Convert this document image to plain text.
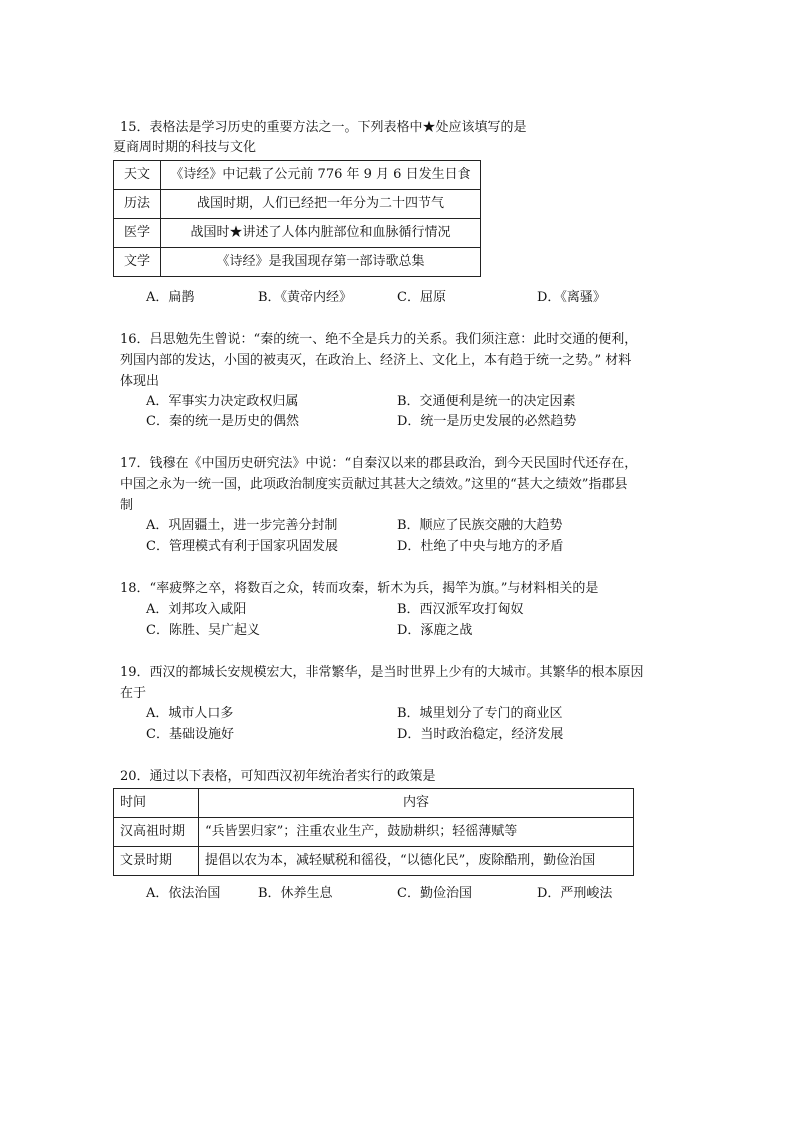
15．表格法是学习历史的重要方法之一。下列表格中★处应该填写的是
夏商周时期的科技与文化
天文	《诗经》中记载了公元前 776 年 9 月 6 日发生日食
历法	战国时期，人们已经把一年分为二十四节气
医学	战国时★讲述了人体内脏部位和血脉循行情况
文学	《诗经》是我国现存第一部诗歌总集
A．扁鹊	B．《黄帝内经》	C．屈原	D．《离骚》
16．吕思勉先生曾说：“秦的统一、绝不全是兵力的关系。我们须注意：此时交通的便利，
列国内部的发达，小国的被夷灭，在政治上、经济上、文化上，本有趋于统一之势。” 材料
体现出
A．军事实力决定政权归属	B．交通便利是统一的决定因素
C．秦的统一是历史的偶然	D．统一是历史发展的必然趋势
17．钱穆在《中国历史研究法》中说：“自秦汉以来的郡县政治，到今天民国时代还存在，
中国之永为一统一国，此项政治制度实贡献过其甚大之绩效。”这里的“甚大之绩效”指郡县
制
A．巩固疆土，进一步完善分封制	B．顺应了民族交融的大趋势
C．管理模式有利于国家巩固发展	D．杜绝了中央与地方的矛盾
18．“率疲弊之卒，将数百之众，转而攻秦，斩木为兵，揭竿为旗。”与材料相关的是
A．刘邦攻入咸阳	B．西汉派军攻打匈奴
C．陈胜、吴广起义	D．涿鹿之战
19．西汉的都城长安规模宏大，非常繁华，是当时世界上少有的大城市。其繁华的根本原因
在于
A．城市人口多	B．城里划分了专门的商业区
C．基础设施好	D．当时政治稳定，经济发展
20．通过以下表格，可知西汉初年统治者实行的政策是
时间	内容
汉高祖时期	“兵皆罢归家”；注重农业生产，鼓励耕织；轻徭薄赋等
文景时期	提倡以农为本，减轻赋税和徭役，“以德化民”，废除酷刑，勤俭治国
A．依法治国	B．休养生息	C．勤俭治国	D．严刑峻法
